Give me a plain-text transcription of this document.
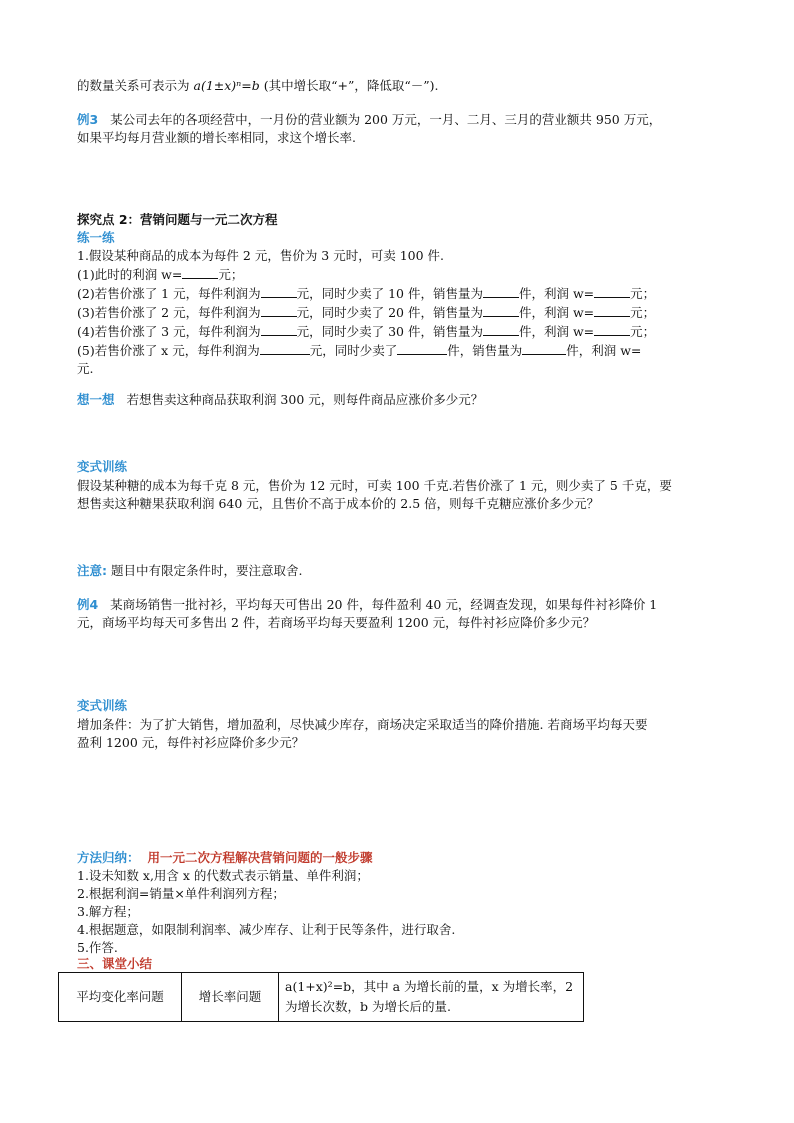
的数量关系可表示为 a(1±x)ⁿ=b (其中增长取“+”，降低取“－”).
例3 某公司去年的各项经营中，一月份的营业额为 200 万元，一月、二月、三月的营业额共 950 万元，
如果平均每月营业额的增长率相同，求这个增长率.
探究点 2：营销问题与一元二次方程
练一练
1.假设某种商品的成本为每件 2 元，售价为 3 元时，可卖 100 件.
(1)此时的利润 w=	元；
(2)若售价涨了 1 元，每件利润为	元，同时少卖了 10 件，销售量为	件，利润 w=	元；
(3)若售价涨了 2 元，每件利润为	元，同时少卖了 20 件，销售量为	件，利润 w=	元；
(4)若售价涨了 3 元，每件利润为	元，同时少卖了 30 件，销售量为	件，利润 w=	元；
(5)若售价涨了 x 元，每件利润为	元，同时少卖了	件，销售量为	件，利润 w=
元.
想一想 若想售卖这种商品获取利润 300 元，则每件商品应涨价多少元？
变式训练
假设某种糖的成本为每千克 8 元，售价为 12 元时，可卖 100 千克.若售价涨了 1 元，则少卖了 5 千克，要
想售卖这种糖果获取利润 640 元，且售价不高于成本价的 2.5 倍，则每千克糖应涨价多少元？
注意: 题目中有限定条件时，要注意取舍.
例4 某商场销售一批衬衫，平均每天可售出 20 件，每件盈利 40 元，经调查发现，如果每件衬衫降价 1
元，商场平均每天可多售出 2 件，若商场平均每天要盈利 1200 元，每件衬衫应降价多少元？
变式训练
增加条件：为了扩大销售，增加盈利，尽快减少库存，商场决定采取适当的降价措施. 若商场平均每天要
盈利 1200 元，每件衬衫应降价多少元？
方法归纳： 用一元二次方程解决营销问题的一般步骤
1.设未知数 x,用含 x 的代数式表示销量、单件利润；
2.根据利润=销量×单件利润列方程；
3.解方程；
4.根据题意，如限制利润率、减少库存、让利于民等条件，进行取舍.
5.作答.
三、课堂小结
平均变化率问题	增长率问题	
a(1+x)²=b，其中 a 为增长前的量，x 为增长率，2
为增长次数，b 为增长后的量.
